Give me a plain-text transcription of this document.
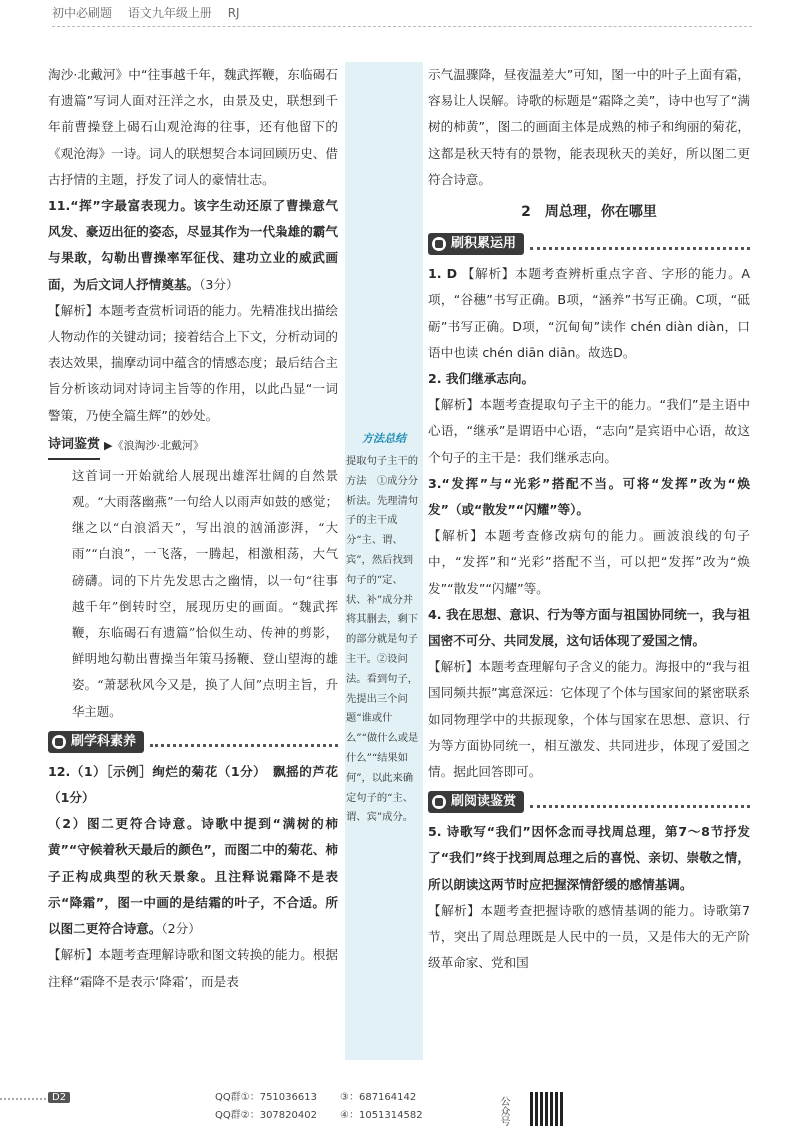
初中必刷题 语文九年级上册 RJ

淘沙·北戴河》中“往事越千年，魏武挥鞭，东临碣石有遗篇”写词人面对汪洋之水，由景及史，联想到千年前曹操登上碣石山观沧海的往事，还有他留下的《观沧海》一诗。词人的联想契合本词回顾历史、借古抒情的主题，抒发了词人的豪情壮志。

11.“挥”字最富表现力。该字生动还原了曹操意气风发、豪迈出征的姿态，尽显其作为一代枭雄的霸气与果敢，勾勒出曹操率军征伐、建功立业的威武画面，为后文词人抒情奠基。（3分）

【解析】本题考查赏析词语的能力。先精准找出描绘人物动作的关键动词；接着结合上下文，分析动词的表达效果，揣摩动词中蕴含的情感态度；最后结合主旨分析该动词对诗词主旨等的作用，以此凸显“一词警策，乃使全篇生辉”的妙处。

诗词鉴赏 ▶《浪淘沙·北戴河》

这首词一开始就给人展现出雄浑壮阔的自然景观。“大雨落幽燕”一句给人以雨声如鼓的感觉；继之以“白浪滔天”，写出浪的汹涌澎湃，“大雨”“白浪”，一飞落，一腾起，相激相荡，大气磅礴。词的下片先发思古之幽情，以一句“往事越千年”倒转时空，展现历史的画面。“魏武挥鞭，东临碣石有遗篇”恰似生动、传神的剪影，鲜明地勾勒出曹操当年策马扬鞭、登山望海的雄姿。“萧瑟秋风今又是，换了人间”点明主旨，升华主题。

刷学科素养

12.（1）［示例］绚烂的菊花（1分）　飘摇的芦花（1分）

（2）图二更符合诗意。诗歌中提到“满树的柿黄”“守候着秋天最后的颜色”，而图二中的菊花、柿子正构成典型的秋天景象。且注释说霜降不是表示“降霜”，图一中画的是结霜的叶子，不合适。所以图二更符合诗意。（2分）

【解析】本题考查理解诗歌和图文转换的能力。根据注释“霜降不是表示‘降霜’，而是表

方法总结
提取句子主干的方法　①成分分析法。先理清句子的主干成分“主、谓、宾”，然后找到句子的“定、状、补”成分并将其删去，剩下的部分就是句子主干。②设问法。看到句子，先提出三个问题“谁或什么”“做什么或是什么”“结果如何”，以此来确定句子的“主、谓、宾”成分。

示气温骤降，昼夜温差大”可知，图一中的叶子上面有霜，容易让人误解。诗歌的标题是“霜降之美”，诗中也写了“满树的柿黄”，图二的画面主体是成熟的柿子和绚丽的菊花，这都是秋天特有的景物，能表现秋天的美好，所以图二更符合诗意。

2　周总理，你在哪里
刷积累运用

1. D 【解析】本题考查辨析重点字音、字形的能力。A项，“谷穗”书写正确。B项，“涵养”书写正确。C项，“砥砺”书写正确。D项，“沉甸甸”读作 chén diàn diàn，口语中也读 chén diān diān。故选D。

2. 我们继承志向。

【解析】本题考查提取句子主干的能力。“我们”是主语中心语，“继承”是谓语中心语，“志向”是宾语中心语，故这个句子的主干是：我们继承志向。

3.“发挥”与“光彩”搭配不当。可将“发挥”改为“焕发”（或“散发”“闪耀”等）。

【解析】本题考查修改病句的能力。画波浪线的句子中，“发挥”和“光彩”搭配不当，可以把“发挥”改为“焕发”“散发”“闪耀”等。

4. 我在思想、意识、行为等方面与祖国协同统一，我与祖国密不可分、共同发展，这句话体现了爱国之情。

【解析】本题考查理解句子含义的能力。海报中的“我与祖国同频共振”寓意深远：它体现了个体与国家间的紧密联系如同物理学中的共振现象，个体与国家在思想、意识、行为等方面协同统一，相互激发、共同进步，体现了爱国之情。据此回答即可。

刷阅读鉴赏

5. 诗歌写“我们”因怀念而寻找周总理，第7～8节抒发了“我们”终于找到周总理之后的喜悦、亲切、崇敬之情，所以朗读这两节时应把握深情舒缓的感情基调。

【解析】本题考查把握诗歌的感情基调的能力。诗歌第7节，突出了周总理既是人民中的一员，又是伟大的无产阶级革命家、党和国

D2	QQ群①：751036613
QQ群②：307820402
③：687164142
④：1051314582	公众号
